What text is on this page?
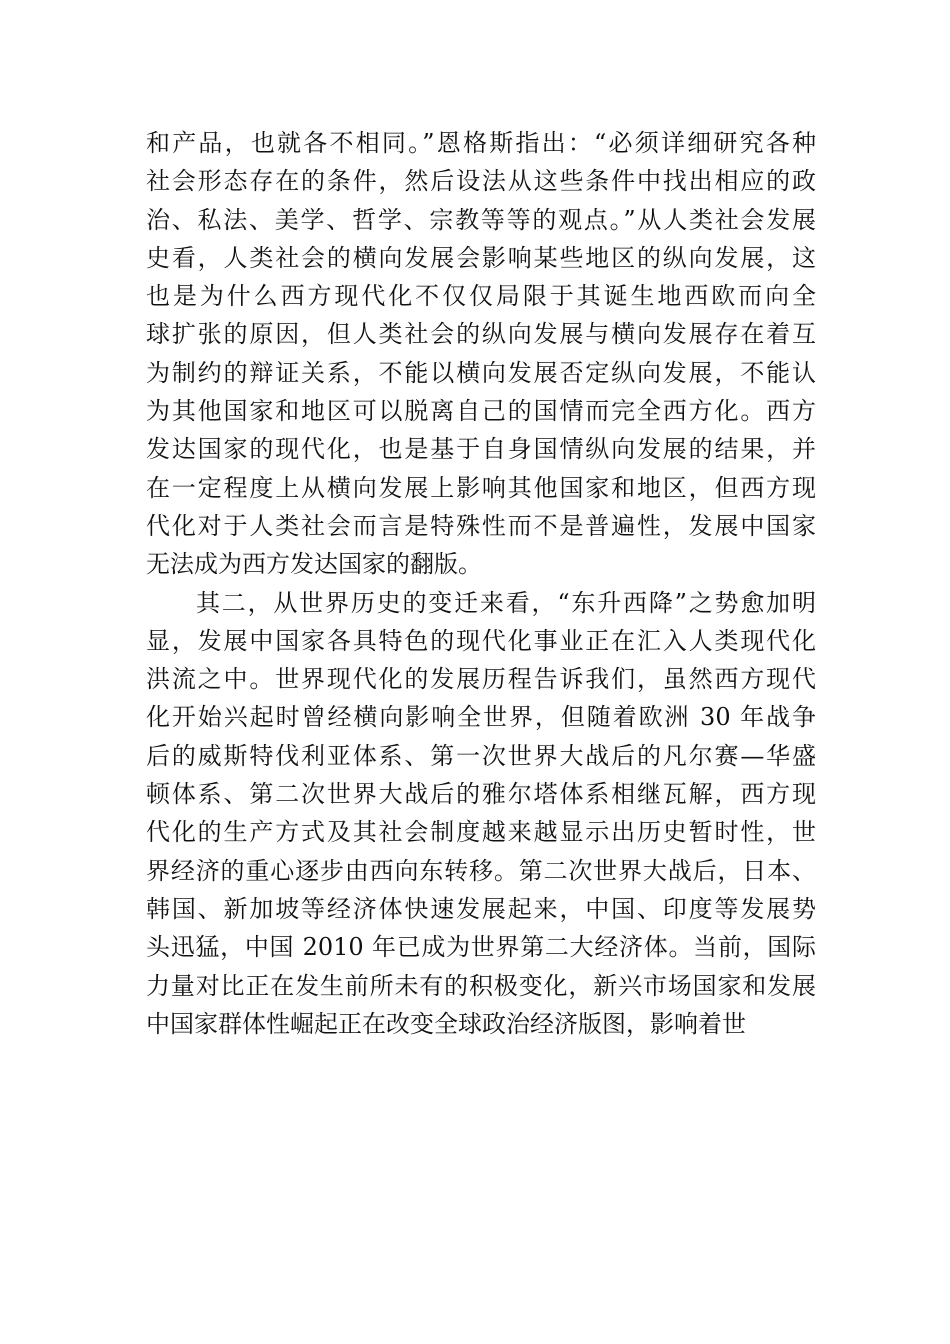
和产品，也就各不相同。”恩格斯指出：“必须详细研究各种
社会形态存在的条件，然后设法从这些条件中找出相应的政
治、私法、美学、哲学、宗教等等的观点。”从人类社会发展
史看，人类社会的横向发展会影响某些地区的纵向发展，这
也是为什么西方现代化不仅仅局限于其诞生地西欧而向全
球扩张的原因，但人类社会的纵向发展与横向发展存在着互
为制约的辩证关系，不能以横向发展否定纵向发展，不能认
为其他国家和地区可以脱离自己的国情而完全西方化。西方
发达国家的现代化，也是基于自身国情纵向发展的结果，并
在一定程度上从横向发展上影响其他国家和地区，但西方现
代化对于人类社会而言是特殊性而不是普遍性，发展中国家
无法成为西方发达国家的翻版。
其二，从世界历史的变迁来看，“东升西降”之势愈加明
显，发展中国家各具特色的现代化事业正在汇入人类现代化
洪流之中。世界现代化的发展历程告诉我们，虽然西方现代
化开始兴起时曾经横向影响全世界，但随着欧洲 30 年战争
后的威斯特伐利亚体系、第一次世界大战后的凡尔赛—华盛
顿体系、第二次世界大战后的雅尔塔体系相继瓦解，西方现
代化的生产方式及其社会制度越来越显示出历史暂时性，世
界经济的重心逐步由西向东转移。第二次世界大战后，日本、
韩国、新加坡等经济体快速发展起来，中国、印度等发展势
头迅猛，中国 2010 年已成为世界第二大经济体。当前，国际
力量对比正在发生前所未有的积极变化，新兴市场国家和发展
中国家群体性崛起正在改变全球政治经济版图，影响着世
